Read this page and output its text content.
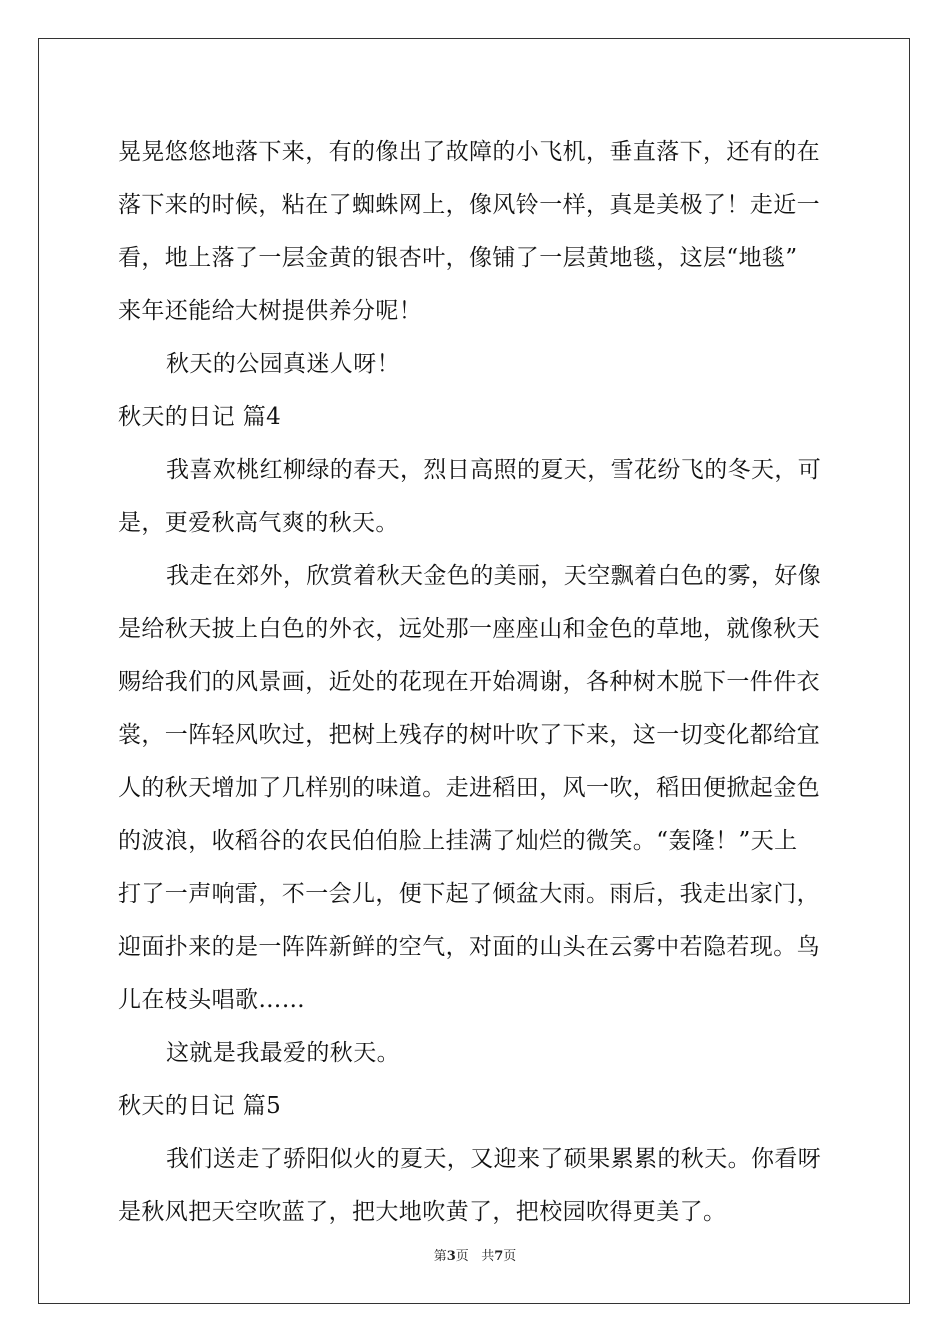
晃晃悠悠地落下来，有的像出了故障的小飞机，垂直落下，还有的在
落下来的时候，粘在了蜘蛛网上，像风铃一样，真是美极了！走近一
看，地上落了一层金黄的银杏叶，像铺了一层黄地毯，这层“地毯”
来年还能给大树提供养分呢！
秋天的公园真迷人呀！
秋天的日记 篇4
我喜欢桃红柳绿的春天，烈日高照的夏天，雪花纷飞的冬天，可
是，更爱秋高气爽的秋天。
我走在郊外，欣赏着秋天金色的美丽，天空飘着白色的雾，好像
是给秋天披上白色的外衣，远处那一座座山和金色的草地，就像秋天
赐给我们的风景画，近处的花现在开始凋谢，各种树木脱下一件件衣
裳，一阵轻风吹过，把树上残存的树叶吹了下来，这一切变化都给宜
人的秋天增加了几样别的味道。走进稻田，风一吹，稻田便掀起金色
的波浪，收稻谷的农民伯伯脸上挂满了灿烂的微笑。“轰隆！”天上
打了一声响雷，不一会儿，便下起了倾盆大雨。雨后，我走出家门，
迎面扑来的是一阵阵新鲜的空气，对面的山头在云雾中若隐若现。鸟
儿在枝头唱歌……
这就是我最爱的秋天。
秋天的日记 篇5
我们送走了骄阳似火的夏天，又迎来了硕果累累的秋天。你看呀
是秋风把天空吹蓝了，把大地吹黄了，把校园吹得更美了。
第3页 共7页
